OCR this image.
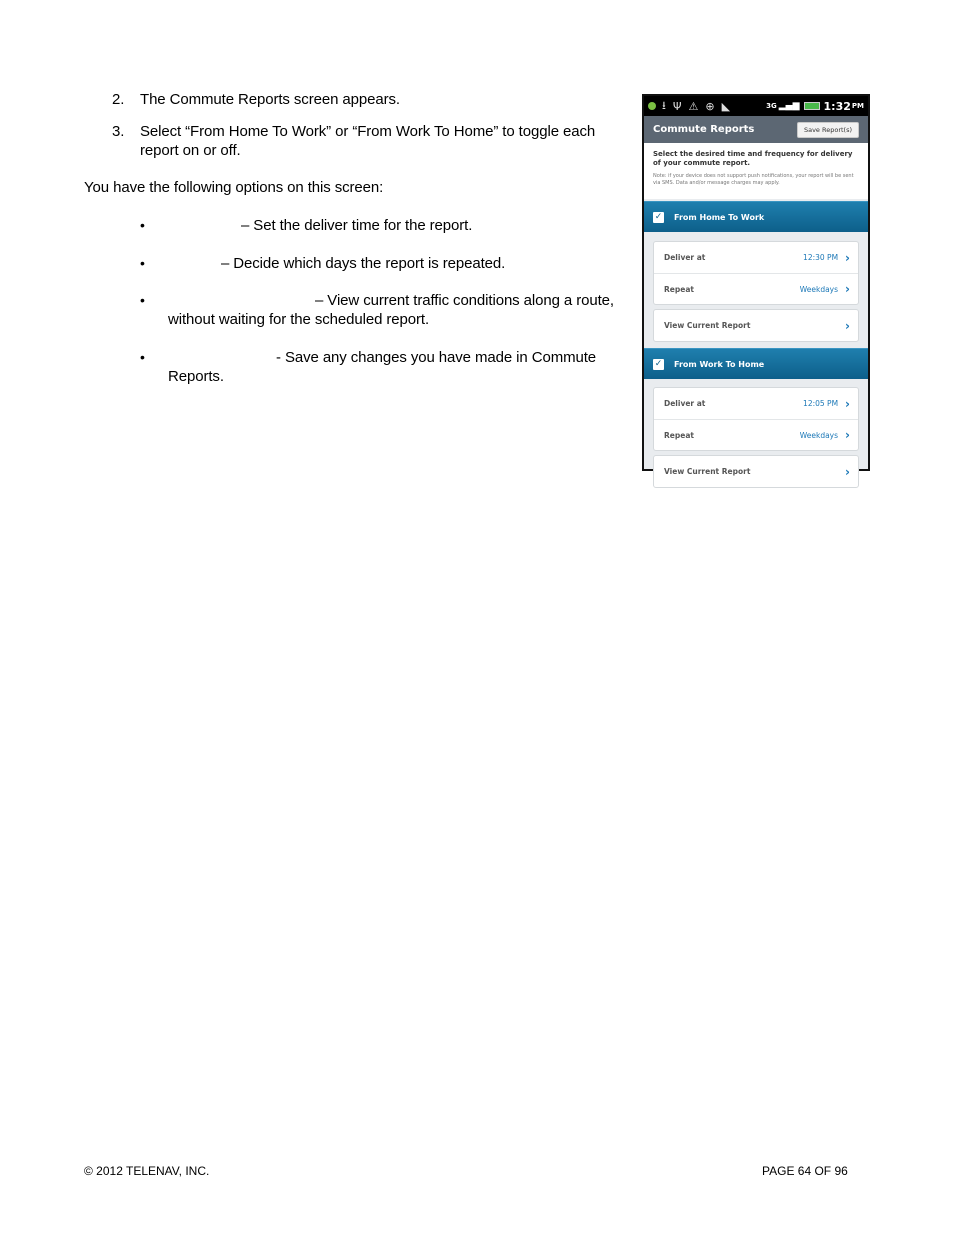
2. The Commute Reports screen appears.
3. Select “From Home To Work” or “From Work To Home” to toggle each
report on or off.
You have the following options on this screen:
•	– Set the deliver time for the report.
•	– Decide which days the report is repeated.
•	– View current traffic conditions along a route,
without waiting for the scheduled report.
•	- Save any changes you have made in Commute
Reports.
⭳ Ψ ⚠ ⊕ ◣	3G ▂▄▆ 1:32 PM
Commute Reports	Save Report(s)
Select the desired time and frequency for delivery of your commute report.
Note: if your device does not support push notifications, your report will be sent via SMS. Data and/or message charges may apply.
✓ From Home To Work
Deliver at	12:30 PM ›
Repeat	Weekdays ›
View Current Report	›
✓ From Work To Home
Deliver at	12:05 PM ›
Repeat	Weekdays ›
View Current Report	›
© 2012 TELENAV, INC.	PAGE 64 OF 96
